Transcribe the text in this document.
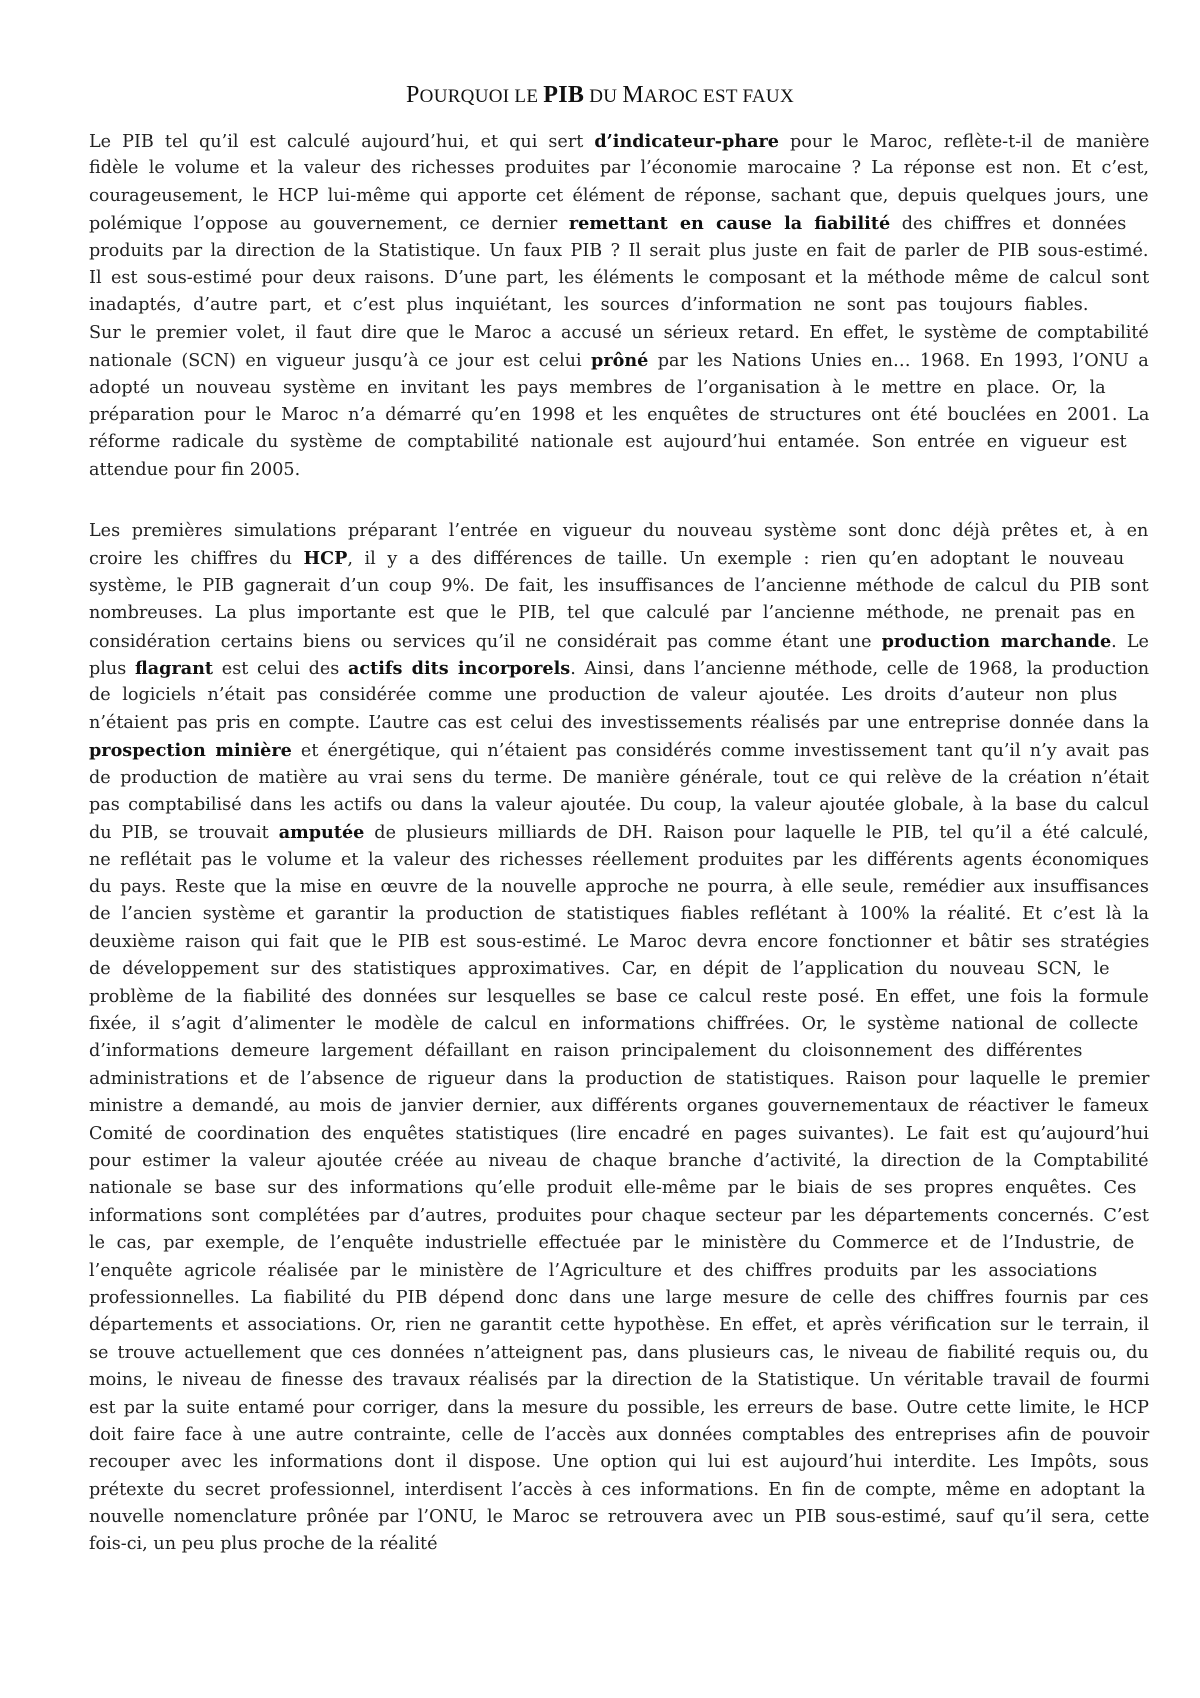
POURQUOI LE PIB DU MAROC EST FAUX
Le PIB tel qu’il est calculé aujourd’hui, et qui sert d’indicateur-phare pour le Maroc, reflète-t-il de manière
fidèle le volume et la valeur des richesses produites par l’économie marocaine ? La réponse est non. Et c’est,
courageusement, le HCP lui-même qui apporte cet élément de réponse, sachant que, depuis quelques jours, une
polémique l’oppose au gouvernement, ce dernier remettant en cause la fiabilité des chiffres et données
produits par la direction de la Statistique. Un faux PIB ? Il serait plus juste en fait de parler de PIB sous-estimé.
Il est sous-estimé pour deux raisons. D’une part, les éléments le composant et la méthode même de calcul sont
inadaptés, d’autre part, et c’est plus inquiétant, les sources d’information ne sont pas toujours fiables.
Sur le premier volet, il faut dire que le Maroc a accusé un sérieux retard. En effet, le système de comptabilité
nationale (SCN) en vigueur jusqu’à ce jour est celui prôné par les Nations Unies en… 1968. En 1993, l’ONU a
adopté un nouveau système en invitant les pays membres de l’organisation à le mettre en place. Or, la
préparation pour le Maroc n’a démarré qu’en 1998 et les enquêtes de structures ont été bouclées en 2001. La
réforme radicale du système de comptabilité nationale est aujourd’hui entamée. Son entrée en vigueur est
attendue pour fin 2005.
Les premières simulations préparant l’entrée en vigueur du nouveau système sont donc déjà prêtes et, à en
croire les chiffres du HCP, il y a des différences de taille. Un exemple : rien qu’en adoptant le nouveau
système, le PIB gagnerait d’un coup 9%. De fait, les insuffisances de l’ancienne méthode de calcul du PIB sont
nombreuses. La plus importante est que le PIB, tel que calculé par l’ancienne méthode, ne prenait pas en
considération certains biens ou services qu’il ne considérait pas comme étant une production marchande. Le
plus flagrant est celui des actifs dits incorporels. Ainsi, dans l’ancienne méthode, celle de 1968, la production
de logiciels n’était pas considérée comme une production de valeur ajoutée. Les droits d’auteur non plus
n’étaient pas pris en compte. L’autre cas est celui des investissements réalisés par une entreprise donnée dans la
prospection minière et énergétique, qui n’étaient pas considérés comme investissement tant qu’il n’y avait pas
de production de matière au vrai sens du terme. De manière générale, tout ce qui relève de la création n’était
pas comptabilisé dans les actifs ou dans la valeur ajoutée. Du coup, la valeur ajoutée globale, à la base du calcul
du PIB, se trouvait amputée de plusieurs milliards de DH. Raison pour laquelle le PIB, tel qu’il a été calculé,
ne reflétait pas le volume et la valeur des richesses réellement produites par les différents agents économiques
du pays. Reste que la mise en œuvre de la nouvelle approche ne pourra, à elle seule, remédier aux insuffisances
de l’ancien système et garantir la production de statistiques fiables reflétant à 100% la réalité. Et c’est là la
deuxième raison qui fait que le PIB est sous-estimé. Le Maroc devra encore fonctionner et bâtir ses stratégies
de développement sur des statistiques approximatives. Car, en dépit de l’application du nouveau SCN, le
problème de la fiabilité des données sur lesquelles se base ce calcul reste posé. En effet, une fois la formule
fixée, il s’agit d’alimenter le modèle de calcul en informations chiffrées. Or, le système national de collecte
d’informations demeure largement défaillant en raison principalement du cloisonnement des différentes
administrations et de l’absence de rigueur dans la production de statistiques. Raison pour laquelle le premier
ministre a demandé, au mois de janvier dernier, aux différents organes gouvernementaux de réactiver le fameux
Comité de coordination des enquêtes statistiques (lire encadré en pages suivantes). Le fait est qu’aujourd’hui
pour estimer la valeur ajoutée créée au niveau de chaque branche d’activité, la direction de la Comptabilité
nationale se base sur des informations qu’elle produit elle-même par le biais de ses propres enquêtes. Ces
informations sont complétées par d’autres, produites pour chaque secteur par les départements concernés. C’est
le cas, par exemple, de l’enquête industrielle effectuée par le ministère du Commerce et de l’Industrie, de
l’enquête agricole réalisée par le ministère de l’Agriculture et des chiffres produits par les associations
professionnelles. La fiabilité du PIB dépend donc dans une large mesure de celle des chiffres fournis par ces
départements et associations. Or, rien ne garantit cette hypothèse. En effet, et après vérification sur le terrain, il
se trouve actuellement que ces données n’atteignent pas, dans plusieurs cas, le niveau de fiabilité requis ou, du
moins, le niveau de finesse des travaux réalisés par la direction de la Statistique. Un véritable travail de fourmi
est par la suite entamé pour corriger, dans la mesure du possible, les erreurs de base. Outre cette limite, le HCP
doit faire face à une autre contrainte, celle de l’accès aux données comptables des entreprises afin de pouvoir
recouper avec les informations dont il dispose. Une option qui lui est aujourd’hui interdite. Les Impôts, sous
prétexte du secret professionnel, interdisent l’accès à ces informations. En fin de compte, même en adoptant la
nouvelle nomenclature prônée par l’ONU, le Maroc se retrouvera avec un PIB sous-estimé, sauf qu’il sera, cette
fois-ci, un peu plus proche de la réalité
